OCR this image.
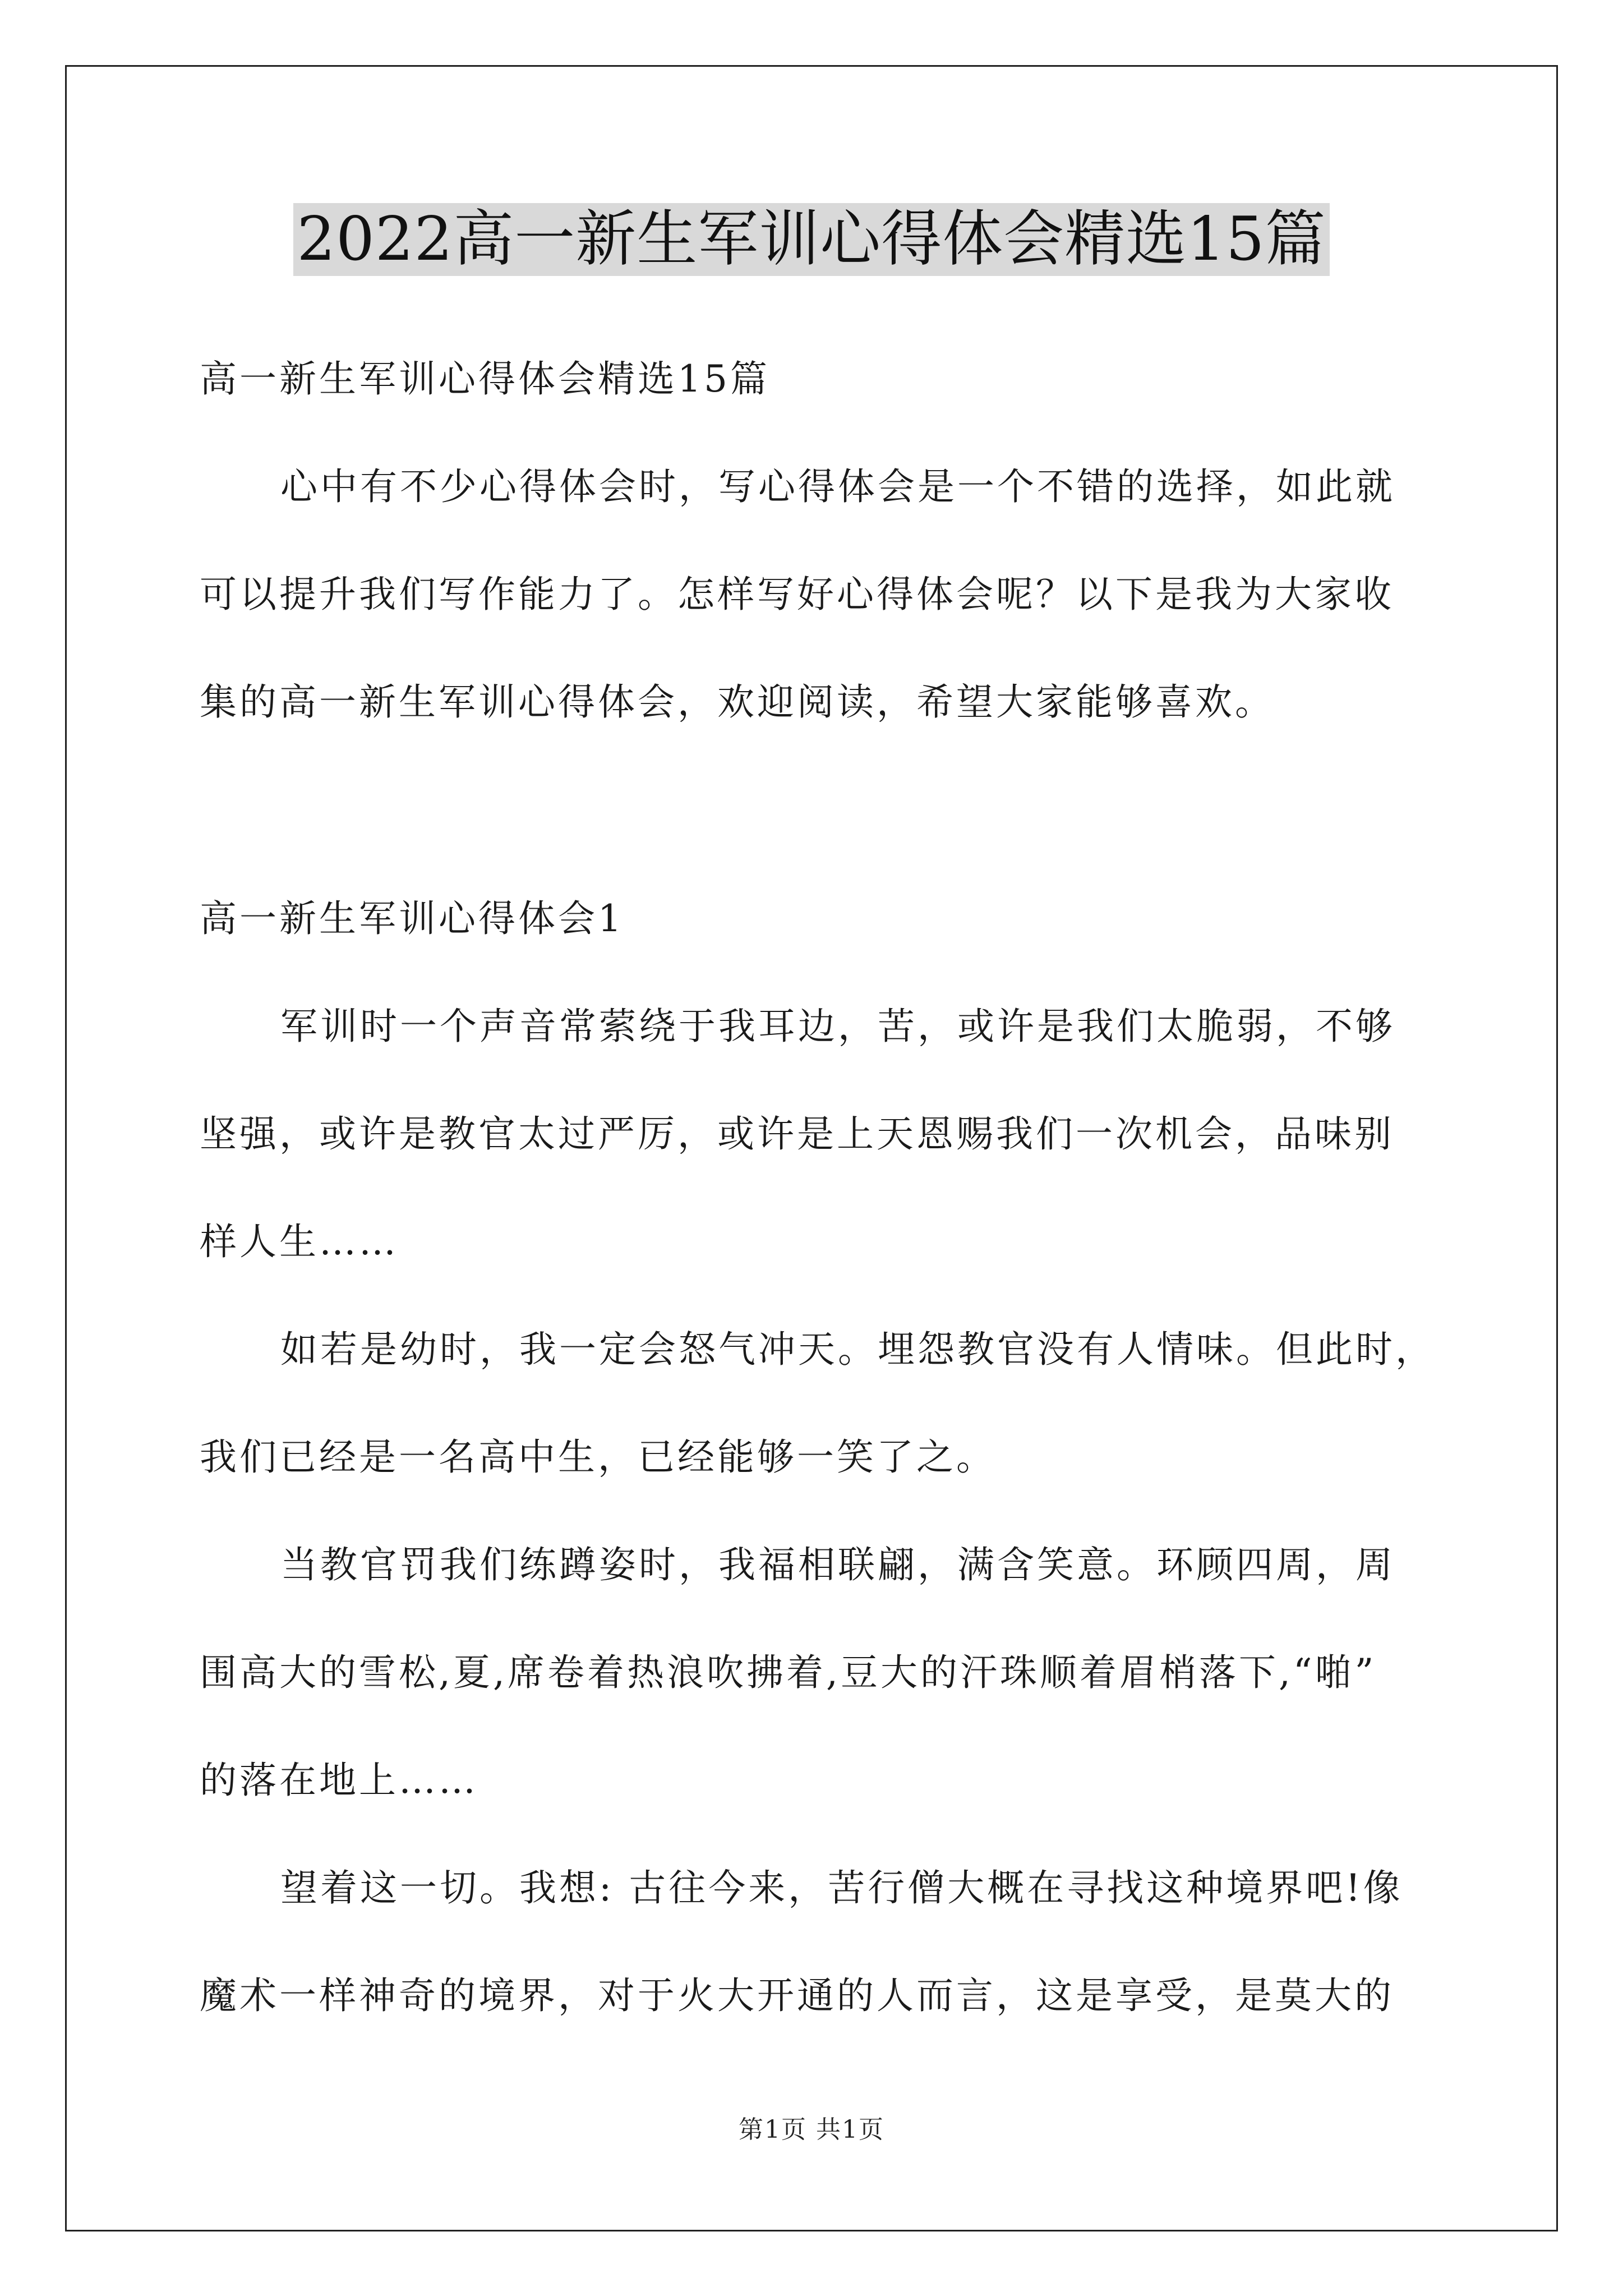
2022高一新生军训心得体会精选15篇
高一新生军训心得体会精选15篇
心中有不少心得体会时，写心得体会是一个不错的选择，如此就
可以提升我们写作能力了。怎样写好心得体会呢？以下是我为大家收
集的高一新生军训心得体会，欢迎阅读，希望大家能够喜欢。
高一新生军训心得体会1
军训时一个声音常萦绕于我耳边，苦，或许是我们太脆弱，不够
坚强，或许是教官太过严厉，或许是上天恩赐我们一次机会，品味别
样人生……
如若是幼时，我一定会怒气冲天。埋怨教官没有人情味。但此时，
我们已经是一名高中生，已经能够一笑了之。
当教官罚我们练蹲姿时，我福相联翩，满含笑意。环顾四周，周
围高大的雪松,夏,席卷着热浪吹拂着,豆大的汗珠顺着眉梢落下,“啪”
的落在地上……
望着这一切。我想: 古往今来，苦行僧大概在寻找这种境界吧!像
魔术一样神奇的境界，对于火大开通的人而言，这是享受，是莫大的
第1页 共1页
